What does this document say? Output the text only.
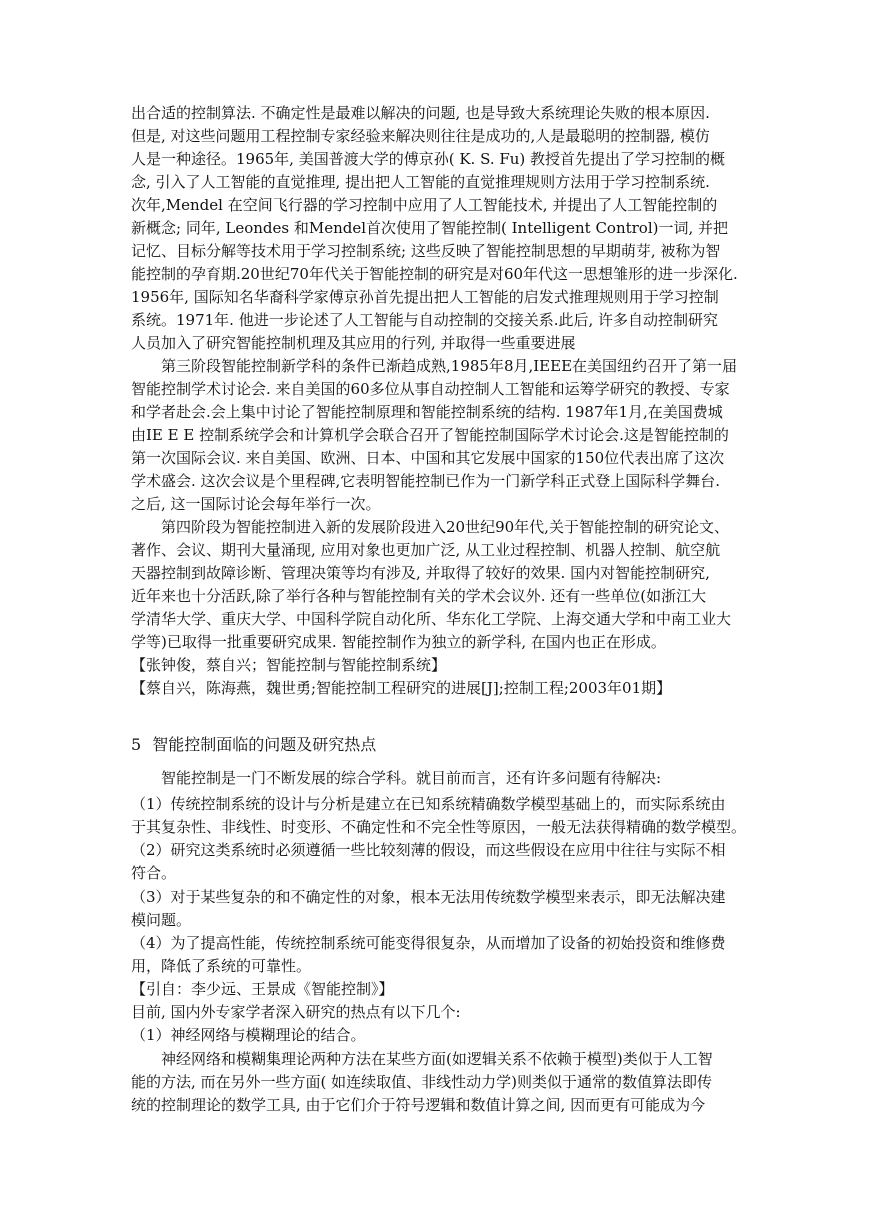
出合适的控制算法. 不确定性是最难以解决的问题, 也是导致大系统理论失败的根本原因.
但是, 对这些问题用工程控制专家经验来解决则往往是成功的,人是最聪明的控制器, 模仿
人是一种途径。1965年, 美国普渡大学的傅京孙( K. S. Fu) 教授首先提出了学习控制的概
念, 引入了人工智能的直觉推理, 提出把人工智能的直觉推理规则方法用于学习控制系统.
次年,Mendel 在空间飞行器的学习控制中应用了人工智能技术, 并提出了人工智能控制的
新概念; 同年, Leondes 和Mendel首次使用了智能控制( Intelligent Control)一词, 并把
记忆、目标分解等技术用于学习控制系统; 这些反映了智能控制思想的早期萌芽, 被称为智
能控制的孕育期.20世纪70年代关于智能控制的研究是对60年代这一思想雏形的进一步深化.
1956年, 国际知名华裔科学家傅京孙首先提出把人工智能的启发式推理规则用于学习控制
系统。1971年. 他进一步论述了人工智能与自动控制的交接关系.此后, 许多自动控制研究
人员加入了研究智能控制机理及其应用的行列, 并取得一些重要进展
第三阶段智能控制新学科的条件已渐趋成熟,1985年8月,IEEE在美国纽约召开了第一届
智能控制学术讨论会. 来自美国的60多位从事自动控制人工智能和运筹学研究的教授、专家
和学者赴会.会上集中讨论了智能控制原理和智能控制系统的结构. 1987年1月,在美国费城
由IE E E 控制系统学会和计算机学会联合召开了智能控制国际学术讨论会.这是智能控制的
第一次国际会议. 来自美国、欧洲、日本、中国和其它发展中国家的150位代表出席了这次
学术盛会. 这次会议是个里程碑,它表明智能控制已作为一门新学科正式登上国际科学舞台.
之后, 这一国际讨论会每年举行一次。
第四阶段为智能控制进入新的发展阶段进入20世纪90年代,关于智能控制的研究论文、
著作、会议、期刊大量涌现, 应用对象也更加广泛, 从工业过程控制、机器人控制、航空航
天器控制到故障诊断、管理决策等均有涉及, 并取得了较好的效果. 国内对智能控制研究,
近年来也十分活跃,除了举行各种与智能控制有关的学术会议外. 还有一些单位(如浙江大
学清华大学、重庆大学、中国科学院自动化所、华东化工学院、上海交通大学和中南工业大
学等)已取得一批重要研究成果. 智能控制作为独立的新学科, 在国内也正在形成。
【张钟俊，蔡自兴；智能控制与智能控制系统】
【蔡自兴，陈海燕，魏世勇;智能控制工程研究的进展[J];控制工程;2003年01期】
5 智能控制面临的问题及研究热点
智能控制是一门不断发展的综合学科。就目前而言，还有许多问题有待解决:
（1）传统控制系统的设计与分析是建立在已知系统精确数学模型基础上的，而实际系统由
于其复杂性、非线性、时变形、不确定性和不完全性等原因，一般无法获得精确的数学模型。
（2）研究这类系统时必须遵循一些比较刻薄的假设，而这些假设在应用中往往与实际不相
符合。
（3）对于某些复杂的和不确定性的对象，根本无法用传统数学模型来表示，即无法解决建
模问题。
（4）为了提高性能，传统控制系统可能变得很复杂，从而增加了设备的初始投资和维修费
用，降低了系统的可靠性。
【引自：李少远、王景成《智能控制》】
目前, 国内外专家学者深入研究的热点有以下几个:
（1）神经网络与模糊理论的结合。
神经网络和模糊集理论两种方法在某些方面(如逻辑关系不依赖于模型)类似于人工智
能的方法, 而在另外一些方面( 如连续取值、非线性动力学)则类似于通常的数值算法即传
统的控制理论的数学工具, 由于它们介于符号逻辑和数值计算之间, 因而更有可能成为今
